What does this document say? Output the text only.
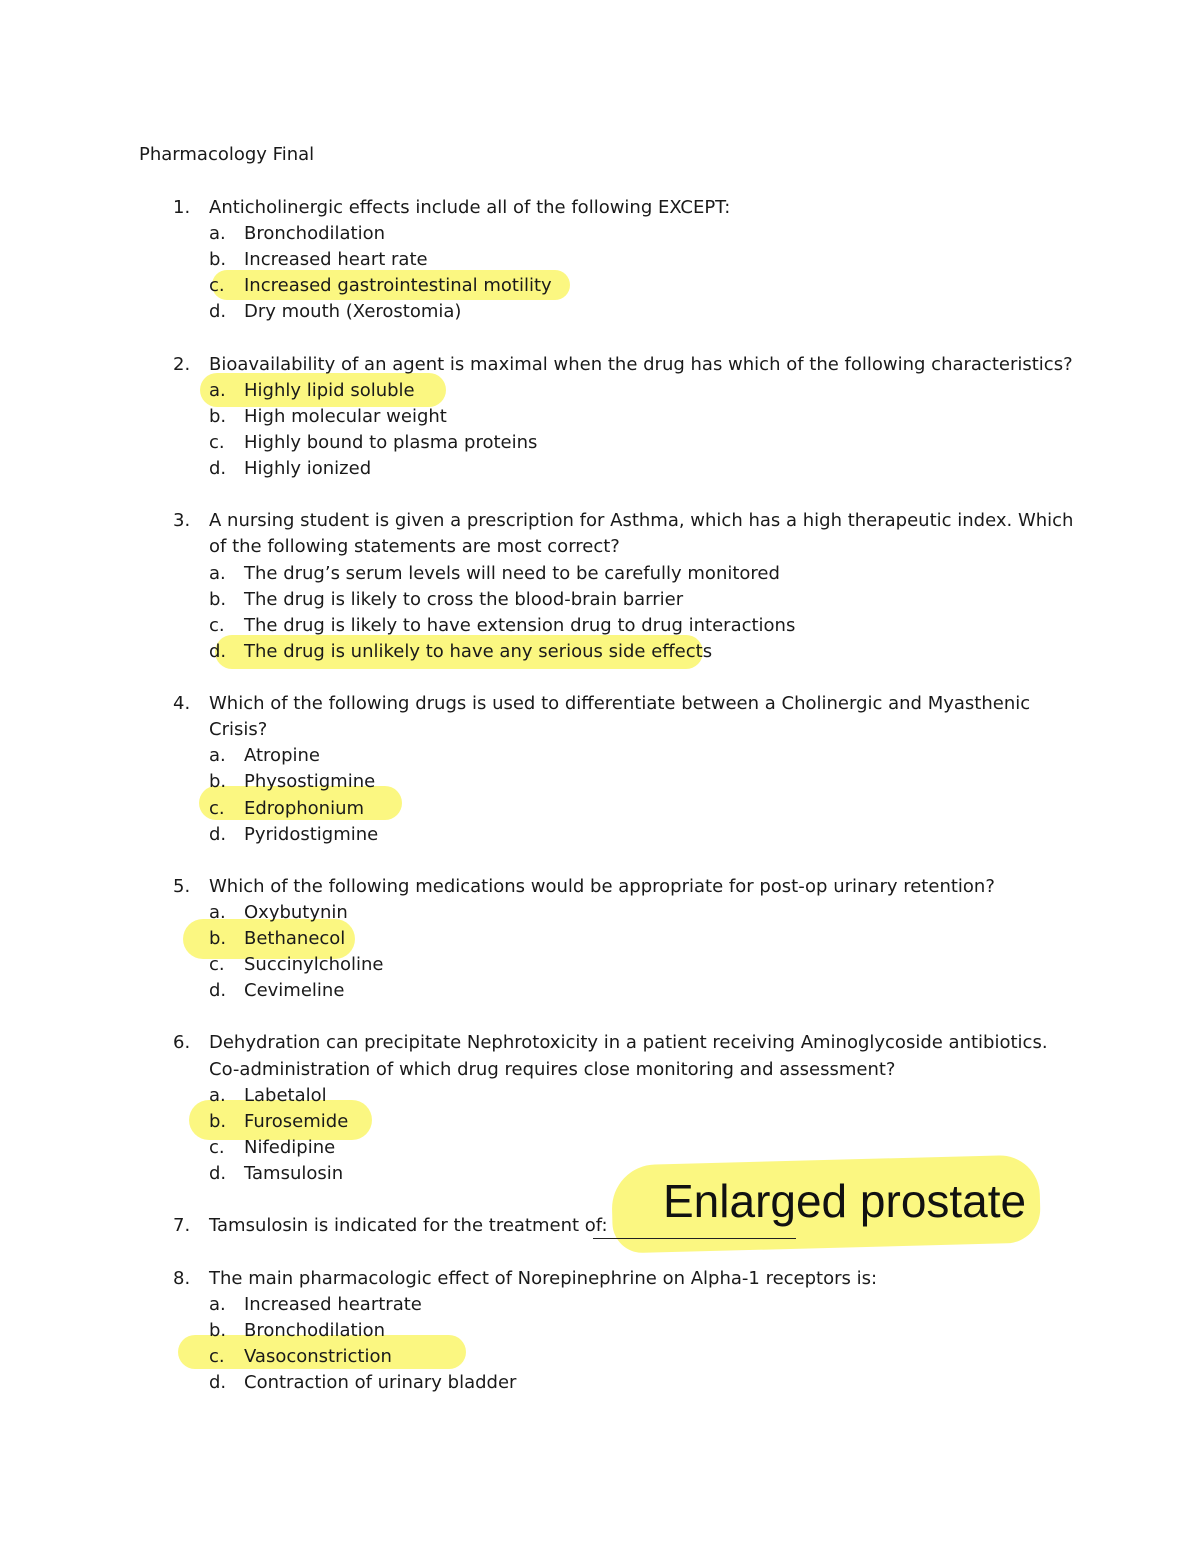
Pharmacology Final
1. Anticholinergic effects include all of the following EXCEPT:
a. Bronchodilation
b. Increased heart rate
c. Increased gastrointestinal motility
d. Dry mouth (Xerostomia)
2. Bioavailability of an agent is maximal when the drug has which of the following characteristics?
a. Highly lipid soluble
b. High molecular weight
c. Highly bound to plasma proteins
d. Highly ionized
3. A nursing student is given a prescription for Asthma, which has a high therapeutic index. Which
of the following statements are most correct?
a. The drug’s serum levels will need to be carefully monitored
b. The drug is likely to cross the blood-brain barrier
c. The drug is likely to have extension drug to drug interactions
d. The drug is unlikely to have any serious side effects
4. Which of the following drugs is used to differentiate between a Cholinergic and Myasthenic
Crisis?
a. Atropine
b. Physostigmine
c. Edrophonium
d. Pyridostigmine
5. Which of the following medications would be appropriate for post-op urinary retention?
a. Oxybutynin
b. Bethanecol
c. Succinylcholine
d. Cevimeline
6. Dehydration can precipitate Nephrotoxicity in a patient receiving Aminoglycoside antibiotics.
Co-administration of which drug requires close monitoring and assessment?
a. Labetalol
b. Furosemide
c. Nifedipine
d. Tamsulosin
7. Tamsulosin is indicated for the treatment of:	Enlarged prostate
8. The main pharmacologic effect of Norepinephrine on Alpha-1 receptors is:
a. Increased heartrate
b. Bronchodilation
c. Vasoconstriction
d. Contraction of urinary bladder
